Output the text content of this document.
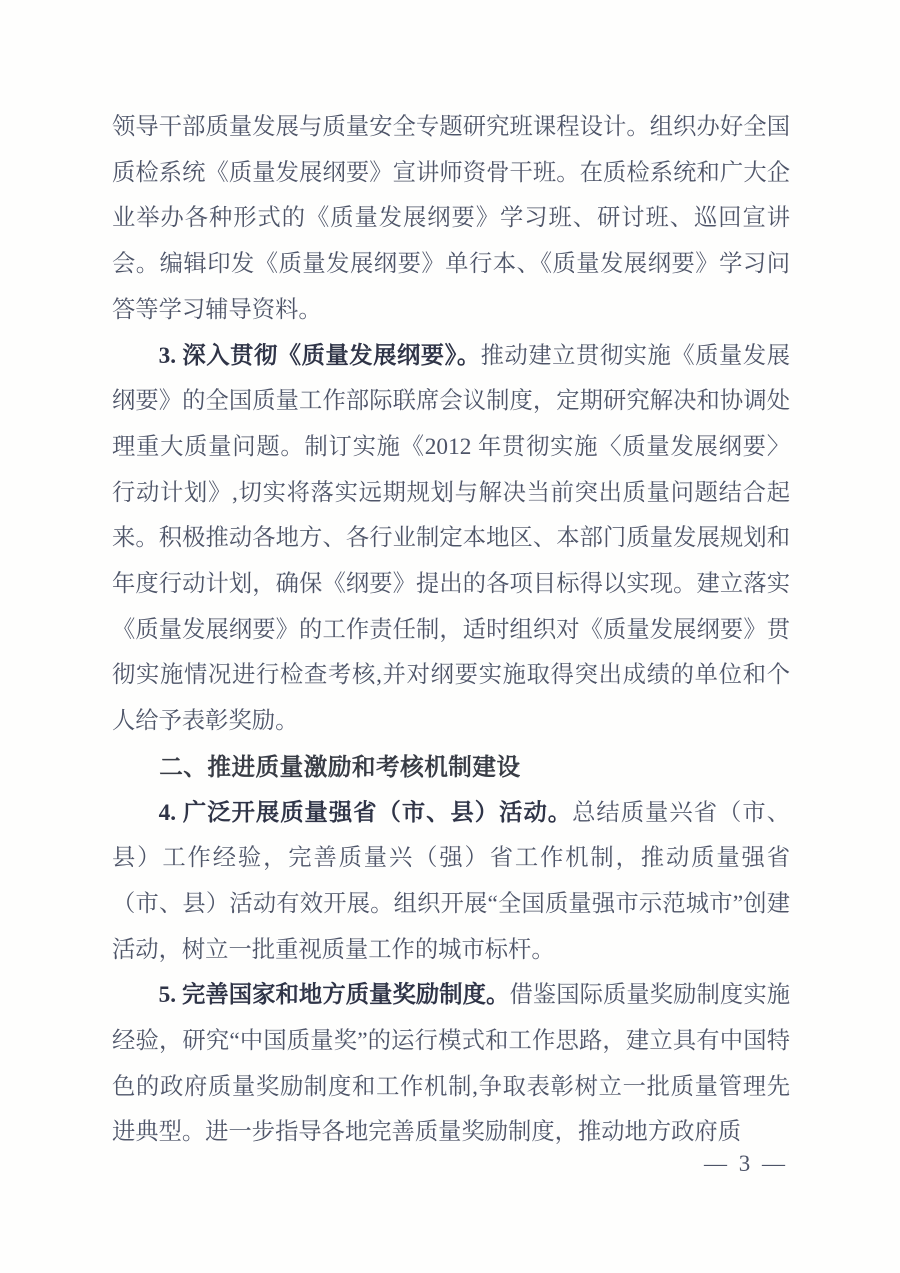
领导干部质量发展与质量安全专题研究班课程设计。组织办好全国质检系统《质量发展纲要》宣讲师资骨干班。在质检系统和广大企业举办各种形式的《质量发展纲要》学习班、研讨班、巡回宣讲会。编辑印发《质量发展纲要》单行本、《质量发展纲要》学习问答等学习辅导资料。

3. 深入贯彻《质量发展纲要》。推动建立贯彻实施《质量发展纲要》的全国质量工作部际联席会议制度，定期研究解决和协调处理重大质量问题。制订实施《2012 年贯彻实施〈质量发展纲要〉行动计划》,切实将落实远期规划与解决当前突出质量问题结合起来。积极推动各地方、各行业制定本地区、本部门质量发展规划和年度行动计划，确保《纲要》提出的各项目标得以实现。建立落实《质量发展纲要》的工作责任制，适时组织对《质量发展纲要》贯彻实施情况进行检查考核,并对纲要实施取得突出成绩的单位和个人给予表彰奖励。

二、推进质量激励和考核机制建设

4. 广泛开展质量强省（市、县）活动。总结质量兴省（市、县）工作经验，完善质量兴（强）省工作机制，推动质量强省（市、县）活动有效开展。组织开展“全国质量强市示范城市”创建活动，树立一批重视质量工作的城市标杆。

5. 完善国家和地方质量奖励制度。借鉴国际质量奖励制度实施经验，研究“中国质量奖”的运行模式和工作思路，建立具有中国特色的政府质量奖励制度和工作机制,争取表彰树立一批质量管理先进典型。进一步指导各地完善质量奖励制度，推动地方政府质

— 3 —
